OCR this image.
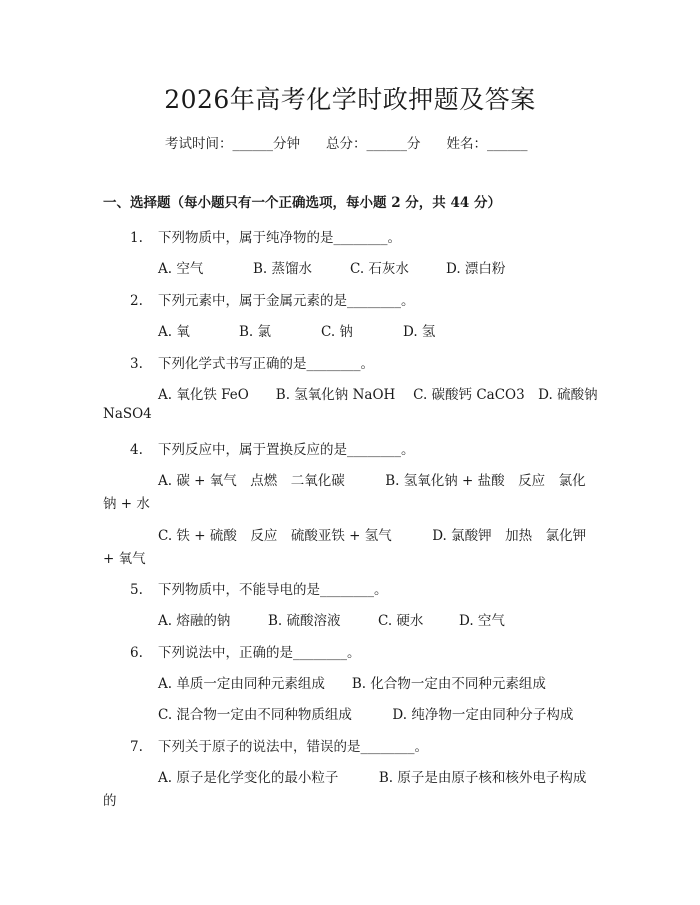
2026年高考化学时政押题及答案
考试时间：______分钟 总分：______分 姓名：______
一、选择题（每小题只有一个正确选项，每小题 2 分，共 44 分）
1. 下列物质中，属于纯净物的是________。
A. 空气	B. 蒸馏水	C. 石灰水	D. 漂白粉
2. 下列元素中，属于金属元素的是________。
A. 氧	B. 氯	C. 钠	D. 氢
3. 下列化学式书写正确的是________。
A. 氧化铁 FeO　　B. 氢氧化钠 NaOH　 C. 碳酸钙 CaCO3　D. 硫酸钠
NaSO4
4. 下列反应中，属于置换反应的是________。
A. 碳 + 氧气　点燃　二氧化碳　　　B. 氢氧化钠 + 盐酸　反应　氯化
钠 + 水
C. 铁 + 硫酸　反应　硫酸亚铁 + 氢气　　　D. 氯酸钾　加热　氯化钾
+ 氧气
5. 下列物质中，不能导电的是________。
A. 熔融的钠	B. 硫酸溶液	C. 硬水	D. 空气
6. 下列说法中，正确的是________。
A. 单质一定由同种元素组成　　B. 化合物一定由不同种元素组成
C. 混合物一定由不同种物质组成　　　D. 纯净物一定由同种分子构成
7. 下列关于原子的说法中，错误的是________。
A. 原子是化学变化的最小粒子　　　B. 原子是由原子核和核外电子构成
的
